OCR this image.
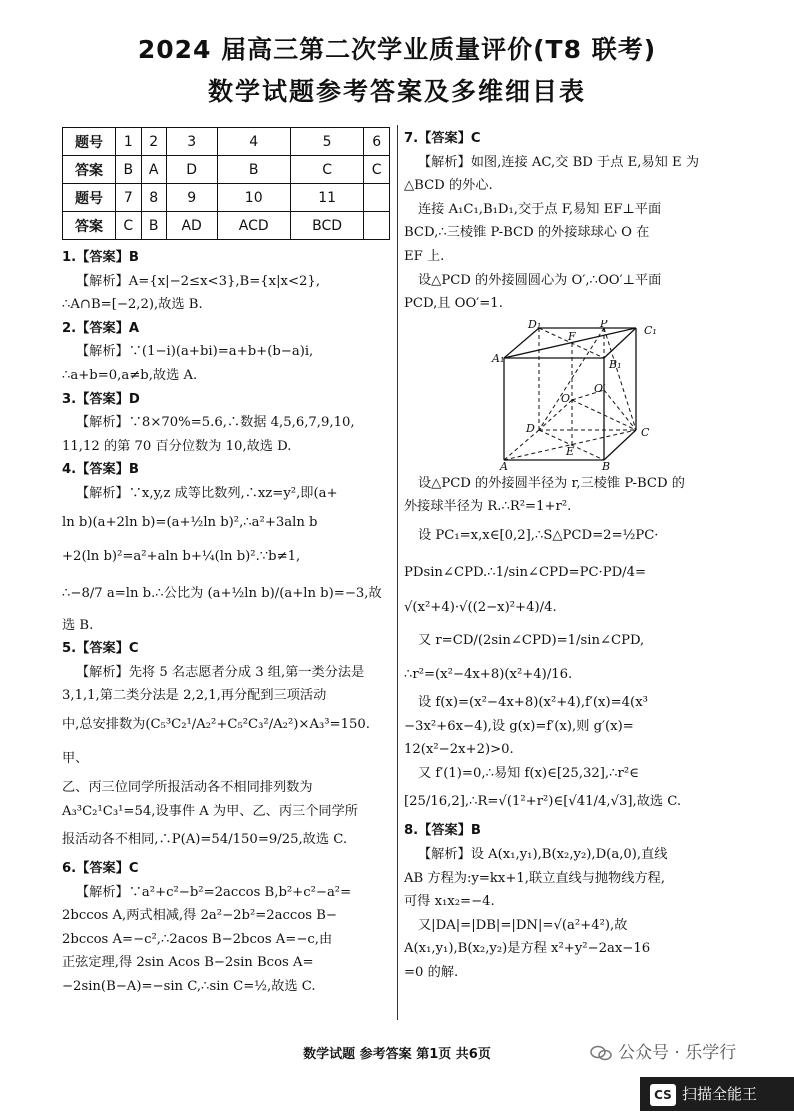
2024 届高三第二次学业质量评价(T8 联考)
数学试题参考答案及多维细目表
题号	1	2	3	4	5	6
答案	B	A	D	B	C	C
题号	7	8	9	10	11	
答案	C	B	AD	ACD	BCD	

1.【答案】B

【解析】A={x|−2≤x<3},B={x|x<2},

∴A∩B=[−2,2),故选 B.

2.【答案】A

【解析】∵(1−i)(a+bi)=a+b+(b−a)i,

∴a+b=0,a≠b,故选 A.

3.【答案】D

【解析】∵8×70%=5.6,∴数据 4,5,6,7,9,10,

11,12 的第 70 百分位数为 10,故选 D.

4.【答案】B

【解析】∵x,y,z 成等比数列,∴xz=y²,即(a+

ln b)(a+2ln b)=(a+½ln b)²,∴a²+3aln b

+2(ln b)²=a²+aln b+¼(ln b)².∵b≠1,

∴−8/7 a=ln b.∴公比为 (a+½ln b)/(a+ln b)=−3,故

选 B.

5.【答案】C

【解析】先将 5 名志愿者分成 3 组,第一类分法是

3,1,1,第二类分法是 2,2,1,再分配到三项活动

中,总安排数为(C₅³C₂¹/A₂²+C₅²C₃²/A₂²)×A₃³=150.甲、

乙、丙三位同学所报活动各不相同排列数为

A₃³C₂¹C₃¹=54,设事件 A 为甲、乙、丙三个同学所

报活动各不相同,∴P(A)=54/150=9/25,故选 C.

6.【答案】C

【解析】∵a²+c²−b²=2accos B,b²+c²−a²=

2bccos A,两式相减,得 2a²−2b²=2accos B−

2bccos A=−c²,∴2acos B−2bcos A=−c,由

正弦定理,得 2sin Acos B−2sin Bcos A=

−2sin(B−A)=−sin C,∴sin C=½,故选 C.

7.【答案】C

【解析】如图,连接 AC,交 BD 于点 E,易知 E 为

△BCD 的外心.

连接 A₁C₁,B₁D₁,交于点 F,易知 EF⊥平面

BCD,∴三棱锥 P-BCD 的外接球球心 O 在

EF 上.

设△PCD 的外接圆圆心为 O′,∴OO′⊥平面

PCD,且 OO′=1.

D₁	P
C₁
F
A₁	B₁
O′
O
D	C
E
A	B

设△PCD 的外接圆半径为 r,三棱锥 P-BCD 的

外接球半径为 R.∴R²=1+r².

设 PC₁=x,x∈[0,2],∴S△PCD=2=½PC·

PDsin∠CPD.∴1/sin∠CPD=PC·PD/4=

√(x²+4)·√((2−x)²+4)/4.

又 r=CD/(2sin∠CPD)=1/sin∠CPD,

∴r²=(x²−4x+8)(x²+4)/16.

设 f(x)=(x²−4x+8)(x²+4),f′(x)=4(x³

−3x²+6x−4),设 g(x)=f′(x),则 g′(x)=

12(x²−2x+2)>0.

又 f′(1)=0,∴易知 f(x)∈[25,32],∴r²∈

[25/16,2],∴R=√(1²+r²)∈[√41/4,√3],故选 C.

8.【答案】B

【解析】设 A(x₁,y₁),B(x₂,y₂),D(a,0),直线

AB 方程为:y=kx+1,联立直线与抛物线方程,

可得 x₁x₂=−4.

又|DA|=|DB|=|DN|=√(a²+4²),故

A(x₁,y₁),B(x₂,y₂)是方程 x²+y²−2ax−16

=0 的解.

数学试题 参考答案 第1页 共6页	公众号 · 乐学行
CS 扫描全能王
